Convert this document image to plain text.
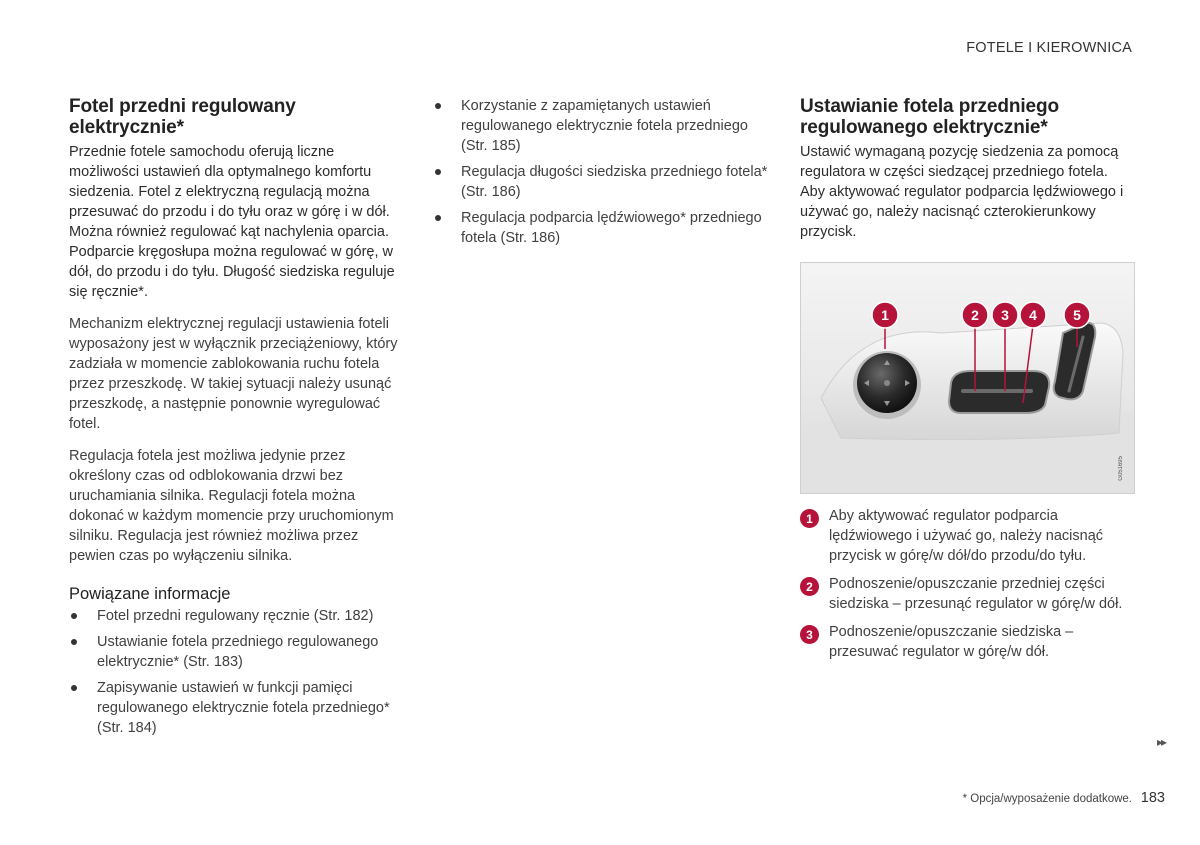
FOTELE I KIEROWNICA
Fotel przedni regulowany elektrycznie*

Przednie fotele samochodu oferują liczne możliwości ustawień dla optymalnego komfortu siedzenia. Fotel z elektryczną regulacją można przesuwać do przodu i do tyłu oraz w górę i w dół. Można również regulować kąt nachylenia oparcia. Podparcie kręgosłupa można regulować w górę, w dół, do przodu i do tyłu. Długość siedziska reguluje się ręcznie*.

Mechanizm elektrycznej regulacji ustawienia foteli wyposażony jest w wyłącznik przeciążeniowy, który zadziała w momencie zablokowania ruchu fotela przez przeszkodę. W takiej sytuacji należy usunąć przeszkodę, a następnie ponownie wyregulować fotel.

Regulacja fotela jest możliwa jedynie przez określony czas od odblokowania drzwi bez uruchamiania silnika. Regulacji fotela można dokonać w każdym momencie przy uruchomionym silniku. Regulacja jest również możliwa przez pewien czas po wyłączeniu silnika.

Powiązane informacje
Fotel przedni regulowany ręcznie (Str. 182)
Ustawianie fotela przedniego regulowanego elektrycznie* (Str. 183)
Zapisywanie ustawień w funkcji pamięci regulowanego elektrycznie fotela przedniego* (Str. 184)
Korzystanie z zapamiętanych ustawień regulowanego elektrycznie fotela przedniego (Str. 185)
Regulacja długości siedziska przedniego fotela* (Str. 186)
Regulacja podparcia lędźwiowego* przedniego fotela (Str. 186)
Ustawianie fotela przedniego regulowanego elektrycznie*

Ustawić wymaganą pozycję siedzenia za pomocą regulatora w części siedzącej przedniego fotela. Aby aktywować regulator podparcia lędźwiowego i używać go, należy nacisnąć czterokierunkowy przycisk.

1	2 3 4	5
G051695
1	Aby aktywować regulator podparcia lędźwiowego i używać go, należy nacisnąć przycisk w górę/w dół/do przodu/do tyłu.
2	Podnoszenie/opuszczanie przedniej części siedziska – przesunąć regulator w górę/w dół.
3	Podnoszenie/opuszczanie siedziska – przesuwać regulator w górę/w dół.
▸▸
* Opcja/wyposażenie dodatkowe. 183
